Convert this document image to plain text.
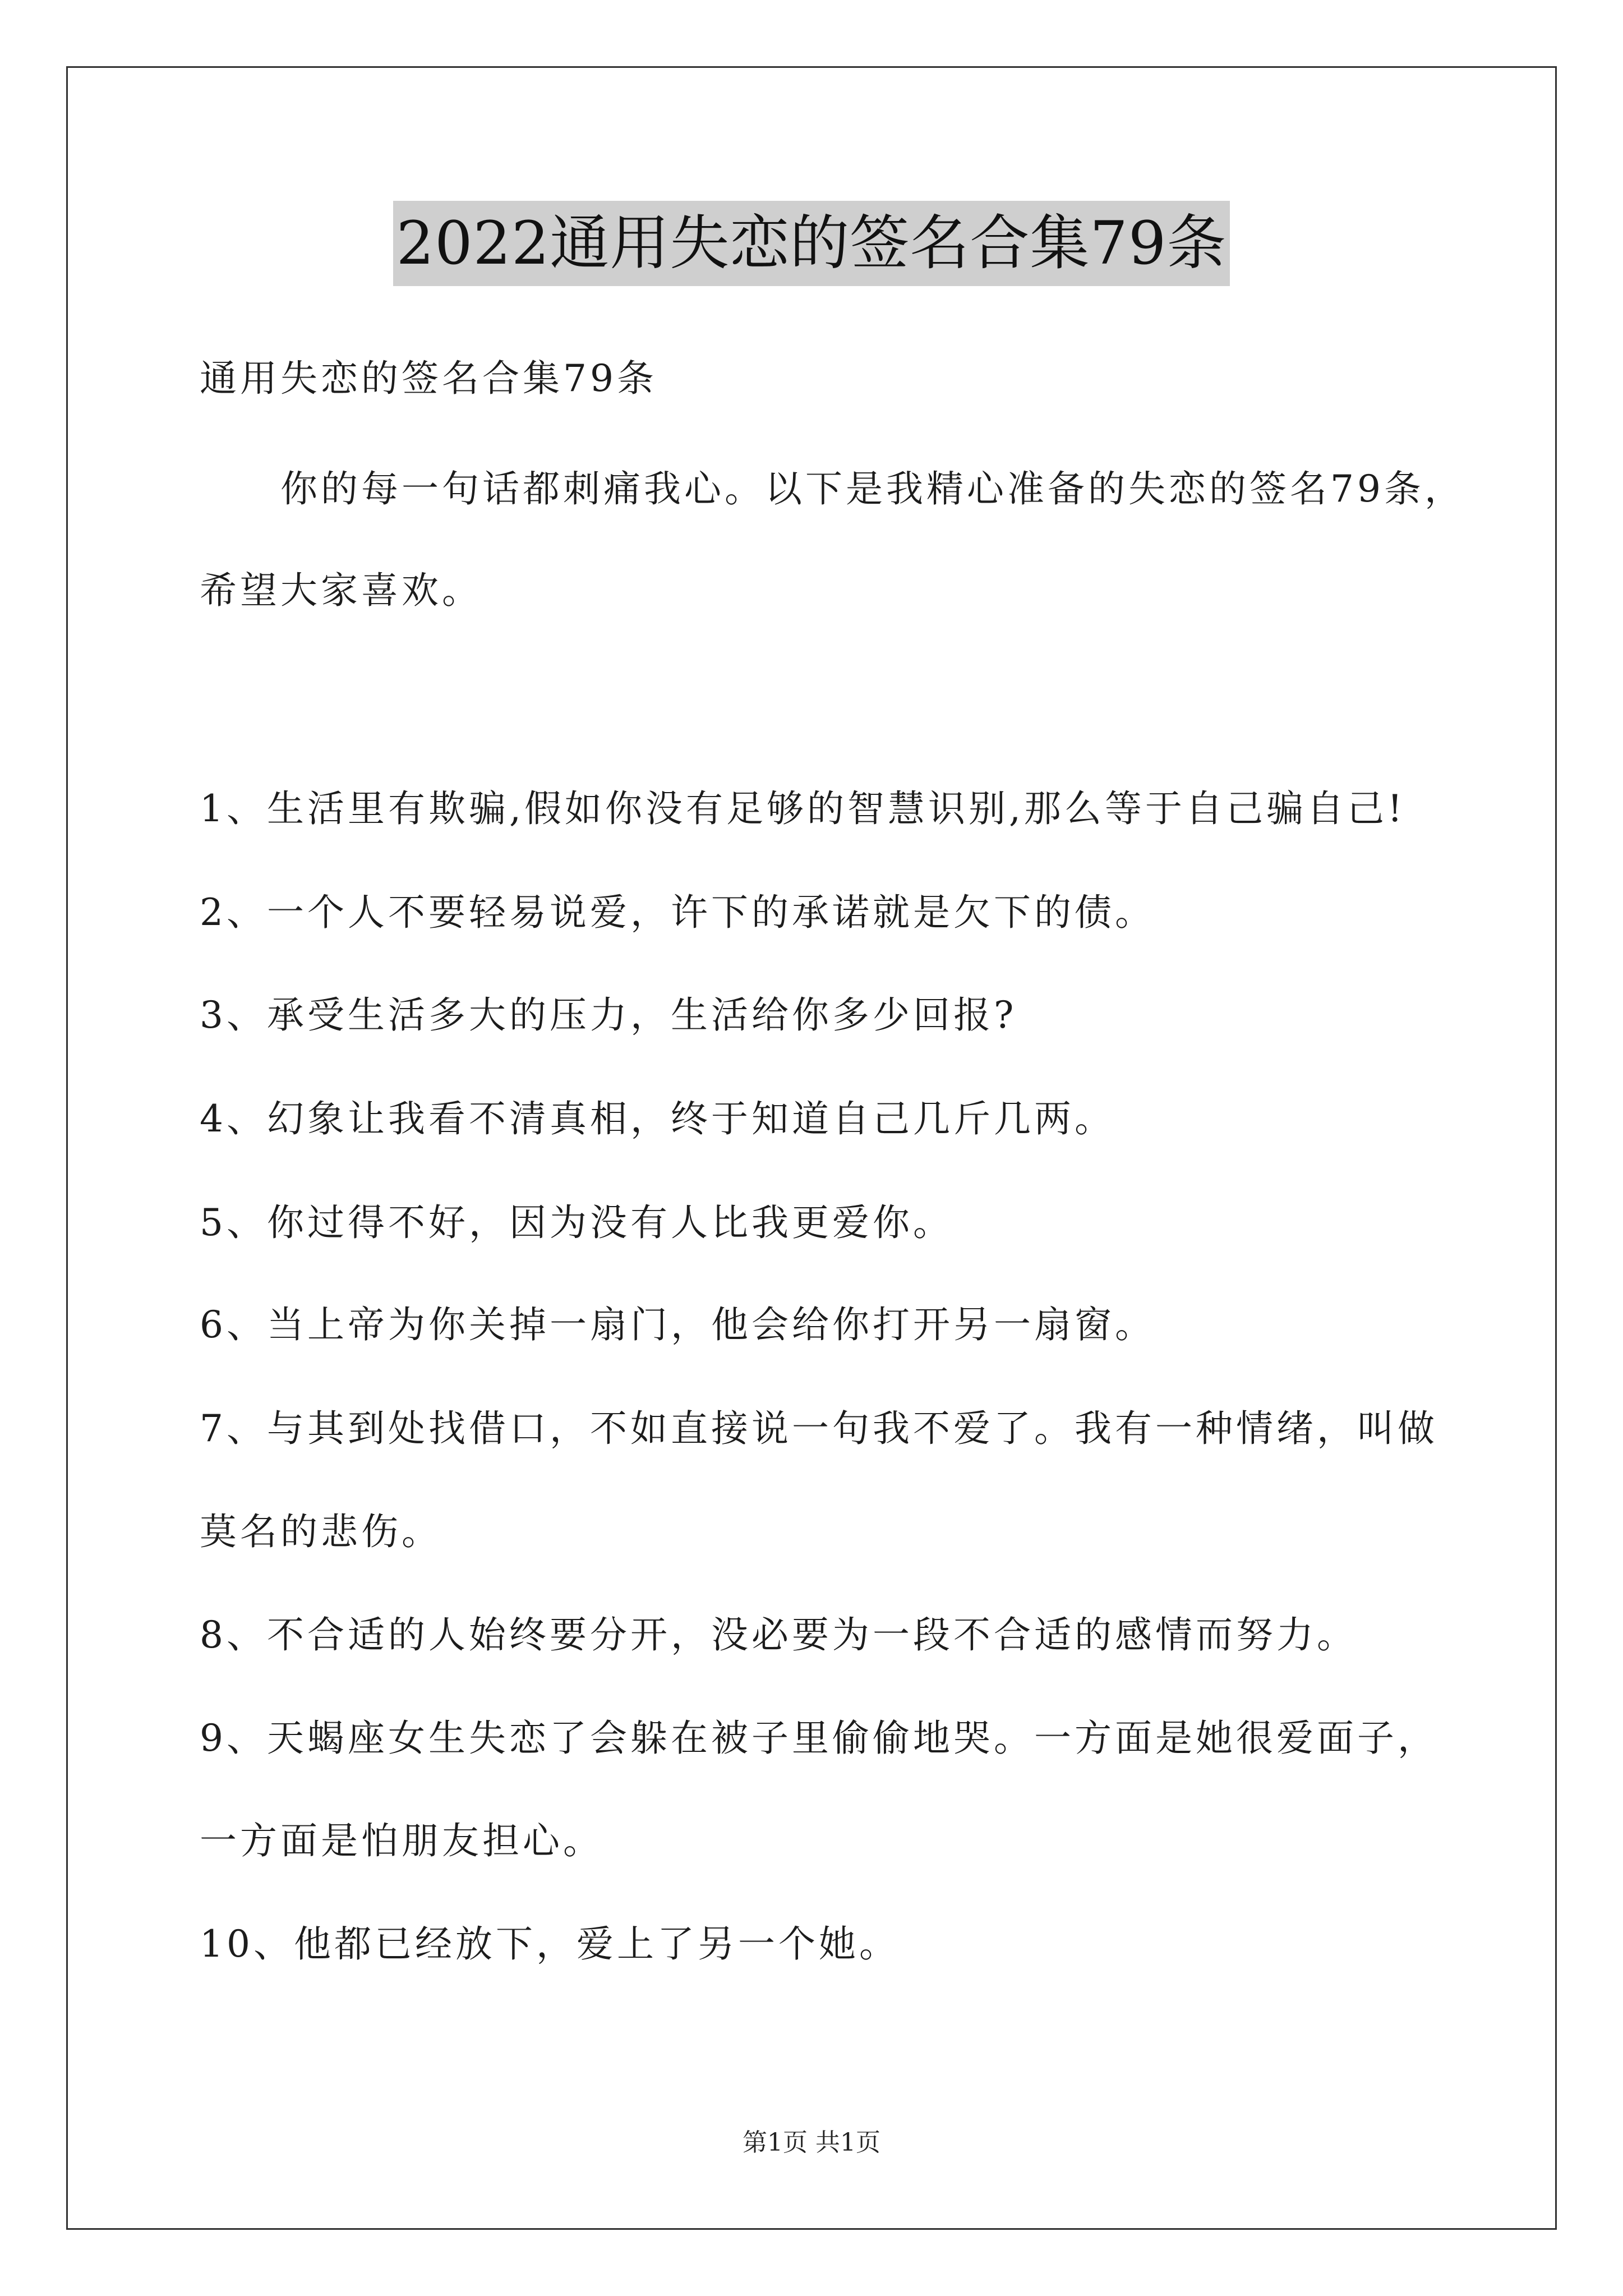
2022通用失恋的签名合集79条
通用失恋的签名合集79条
你的每一句话都刺痛我心。以下是我精心准备的失恋的签名79条，
希望大家喜欢。
1、生活里有欺骗,假如你没有足够的智慧识别,那么等于自己骗自己!
2、一个人不要轻易说爱，许下的承诺就是欠下的债。
3、承受生活多大的压力，生活给你多少回报?
4、幻象让我看不清真相，终于知道自己几斤几两。
5、你过得不好，因为没有人比我更爱你。
6、当上帝为你关掉一扇门，他会给你打开另一扇窗。
7、与其到处找借口，不如直接说一句我不爱了。我有一种情绪，叫做
莫名的悲伤。
8、不合适的人始终要分开，没必要为一段不合适的感情而努力。
9、天蝎座女生失恋了会躲在被子里偷偷地哭。一方面是她很爱面子，
一方面是怕朋友担心。
10、他都已经放下，爱上了另一个她。
第1页 共1页
